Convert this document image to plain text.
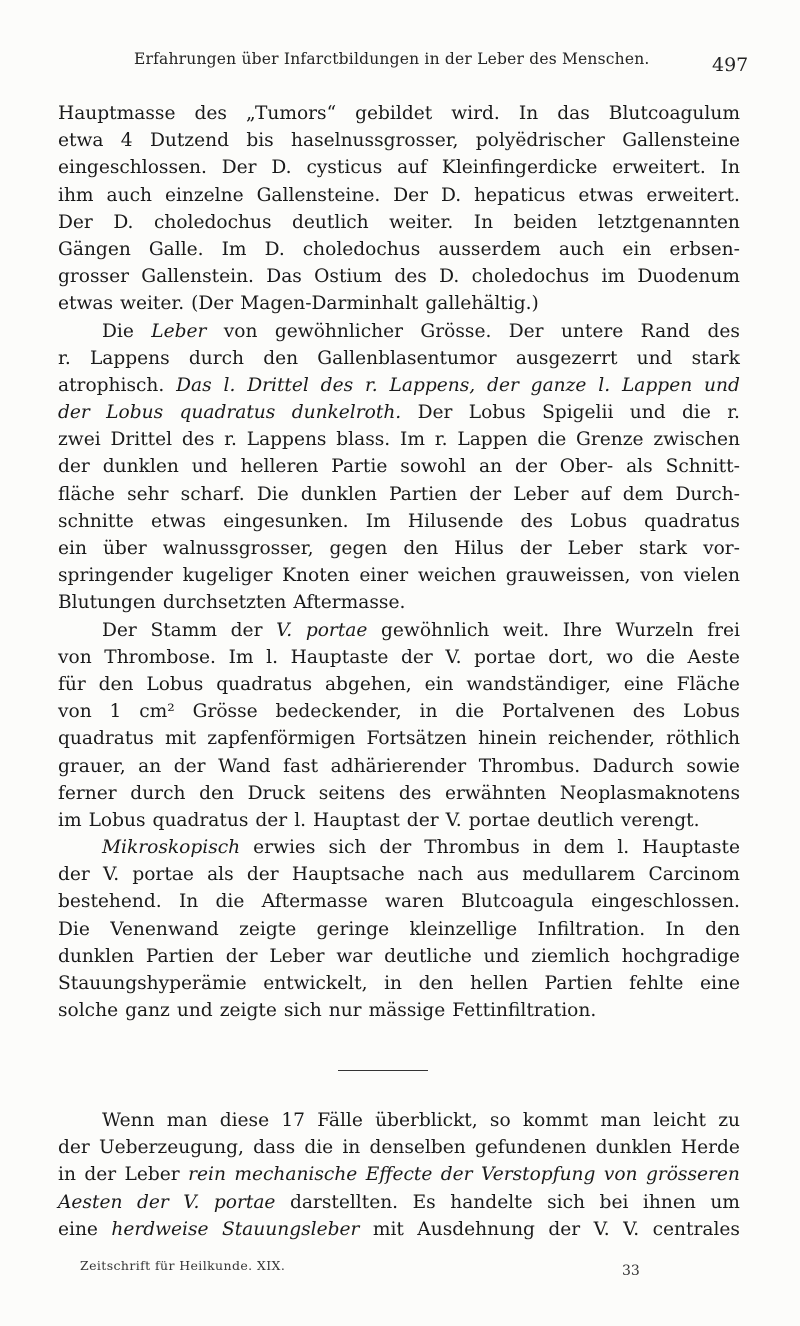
Erfahrungen über Infarctbildungen in der Leber des Menschen.	497
Hauptmasse des „Tumors“ gebildet wird. In das Blutcoagulum
etwa 4 Dutzend bis haselnussgrosser, polyëdrischer Gallensteine
eingeschlossen. Der D. cysticus auf Kleinfingerdicke erweitert. In
ihm auch einzelne Gallensteine. Der D. hepaticus etwas erweitert.
Der D. choledochus deutlich weiter. In beiden letztgenannten
Gängen Galle. Im D. choledochus ausserdem auch ein erbsen-
grosser Gallenstein. Das Ostium des D. choledochus im Duodenum
etwas weiter. (Der Magen-Darminhalt gallehältig.)
Die Leber von gewöhnlicher Grösse. Der untere Rand des
r. Lappens durch den Gallenblasentumor ausgezerrt und stark
atrophisch. Das l. Drittel des r. Lappens, der ganze l. Lappen und
der Lobus quadratus dunkelroth. Der Lobus Spigelii und die r.
zwei Drittel des r. Lappens blass. Im r. Lappen die Grenze zwischen
der dunklen und helleren Partie sowohl an der Ober- als Schnitt-
fläche sehr scharf. Die dunklen Partien der Leber auf dem Durch-
schnitte etwas eingesunken. Im Hilusende des Lobus quadratus
ein über walnussgrosser, gegen den Hilus der Leber stark vor-
springender kugeliger Knoten einer weichen grauweissen, von vielen
Blutungen durchsetzten Aftermasse.
Der Stamm der V. portae gewöhnlich weit. Ihre Wurzeln frei
von Thrombose. Im l. Hauptaste der V. portae dort, wo die Aeste
für den Lobus quadratus abgehen, ein wandständiger, eine Fläche
von 1 cm² Grösse bedeckender, in die Portalvenen des Lobus
quadratus mit zapfenförmigen Fortsätzen hinein reichender, röthlich
grauer, an der Wand fast adhärierender Thrombus. Dadurch sowie
ferner durch den Druck seitens des erwähnten Neoplasmaknotens
im Lobus quadratus der l. Hauptast der V. portae deutlich verengt.
Mikroskopisch erwies sich der Thrombus in dem l. Hauptaste
der V. portae als der Hauptsache nach aus medullarem Carcinom
bestehend. In die Aftermasse waren Blutcoagula eingeschlossen.
Die Venenwand zeigte geringe kleinzellige Infiltration. In den
dunklen Partien der Leber war deutliche und ziemlich hochgradige
Stauungshyperämie entwickelt, in den hellen Partien fehlte eine
solche ganz und zeigte sich nur mässige Fettinfiltration.
Wenn man diese 17 Fälle überblickt, so kommt man leicht zu
der Ueberzeugung, dass die in denselben gefundenen dunklen Herde
in der Leber rein mechanische Effecte der Verstopfung von grösseren
Aesten der V. portae darstellten. Es handelte sich bei ihnen um
eine herdweise Stauungsleber mit Ausdehnung der V. V. centrales
Zeitschrift für Heilkunde. XIX.	33
